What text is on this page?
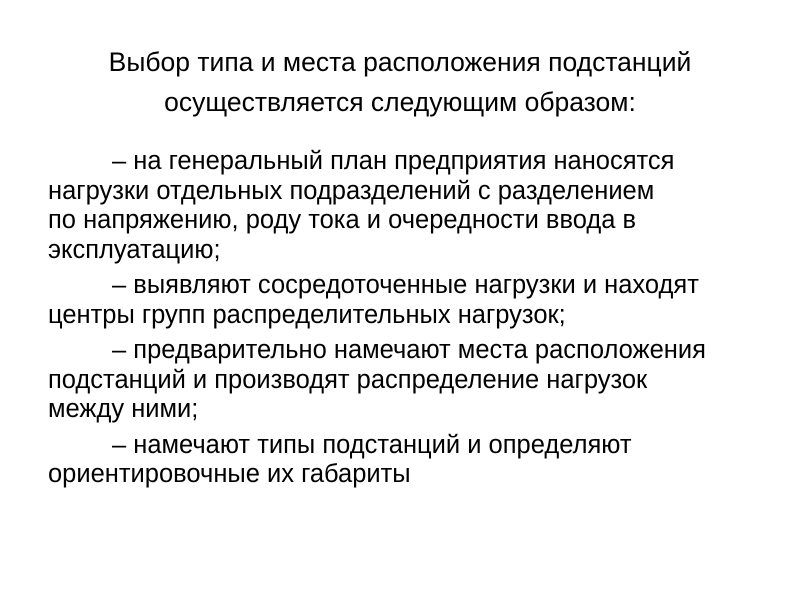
Выбор типа и места расположения подстанций
осуществляется следующим образом:
– на генеральный план предприятия наносятся
нагрузки отдельных подразделений с разделением
по напряжению, роду тока и очередности ввода в
эксплуатацию;
– выявляют сосредоточенные нагрузки и находят
центры групп распределительных нагрузок;
– предварительно намечают места расположения
подстанций и производят распределение нагрузок
между ними;
– намечают типы подстанций и определяют
ориентировочные их габариты
